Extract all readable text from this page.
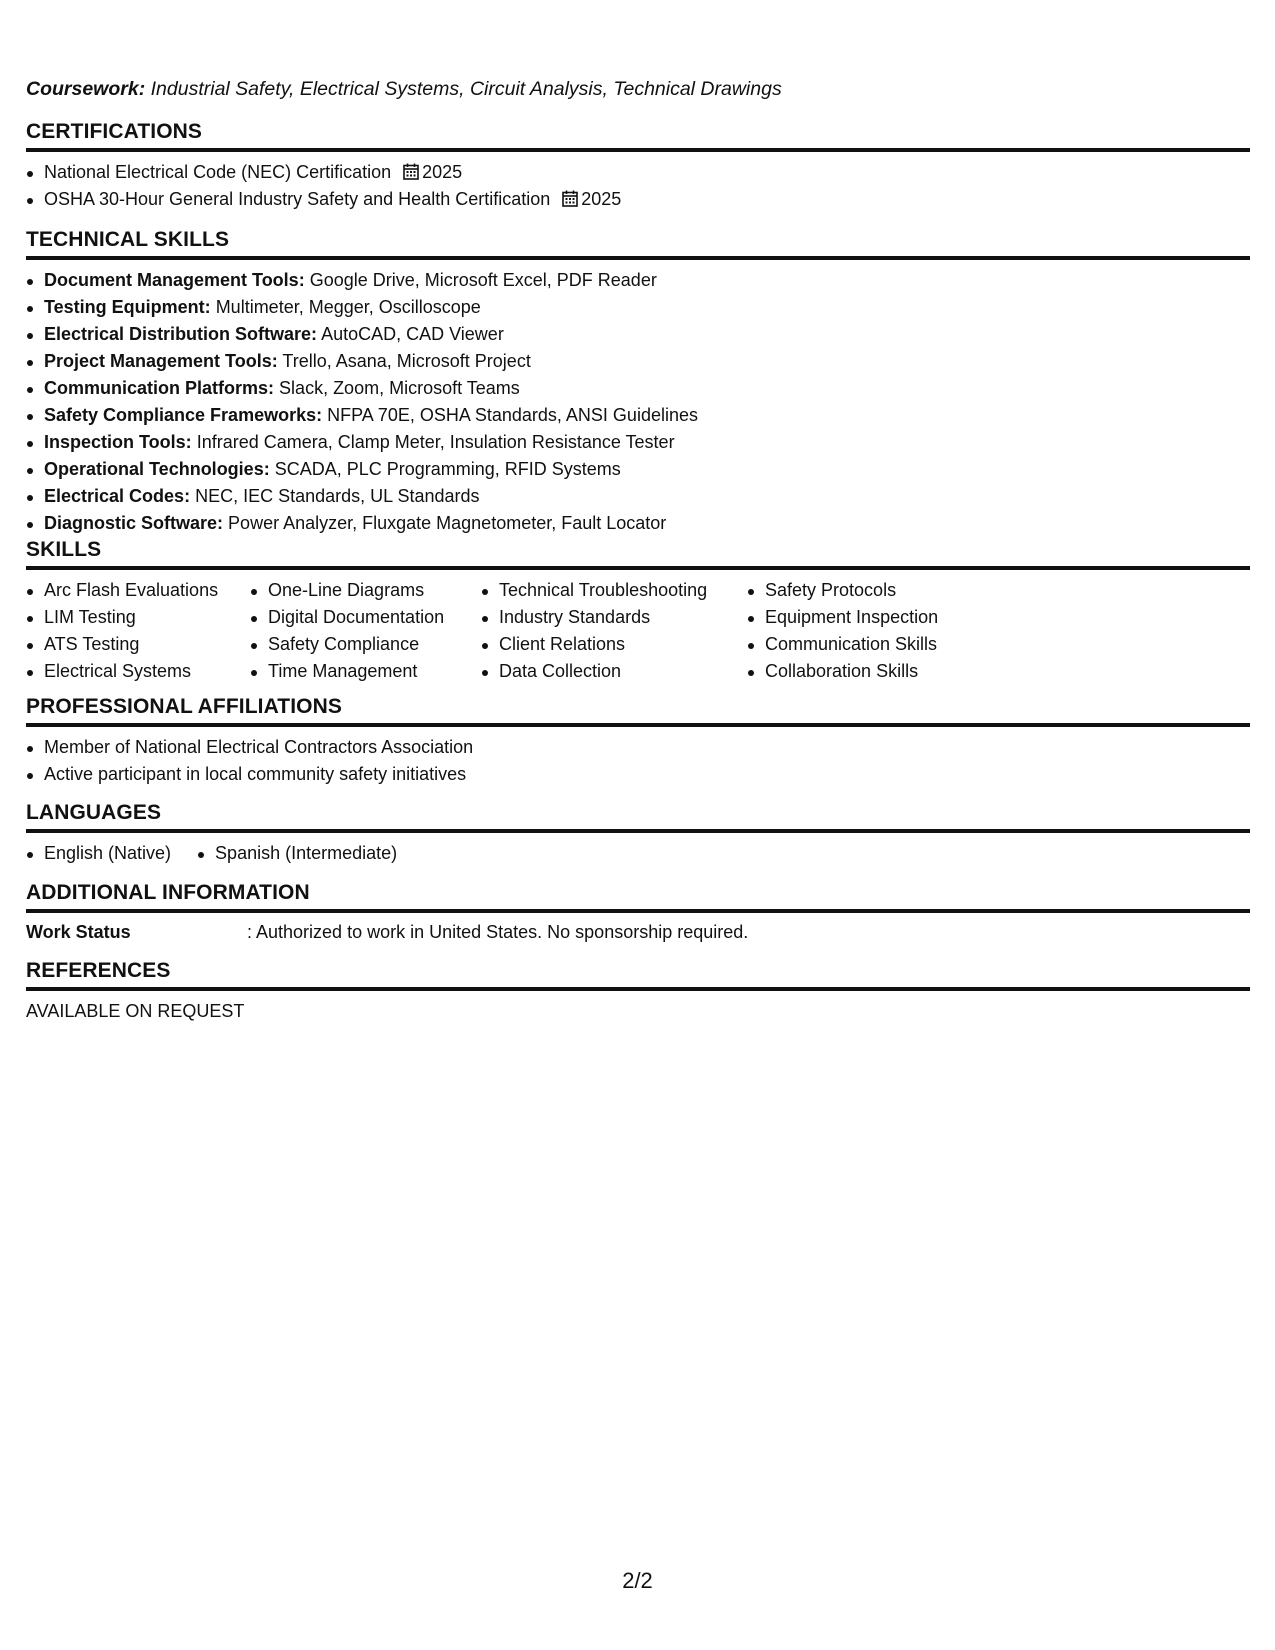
Coursework: Industrial Safety, Electrical Systems, Circuit Analysis, Technical Drawings
CERTIFICATIONS
National Electrical Code (NEC) Certification 2025
OSHA 30-Hour General Industry Safety and Health Certification 2025
TECHNICAL SKILLS
Document Management Tools: Google Drive, Microsoft Excel, PDF Reader
Testing Equipment: Multimeter, Megger, Oscilloscope
Electrical Distribution Software: AutoCAD, CAD Viewer
Project Management Tools: Trello, Asana, Microsoft Project
Communication Platforms: Slack, Zoom, Microsoft Teams
Safety Compliance Frameworks: NFPA 70E, OSHA Standards, ANSI Guidelines
Inspection Tools: Infrared Camera, Clamp Meter, Insulation Resistance Tester
Operational Technologies: SCADA, PLC Programming, RFID Systems
Electrical Codes: NEC, IEC Standards, UL Standards
Diagnostic Software: Power Analyzer, Fluxgate Magnetometer, Fault Locator
SKILLS
Arc Flash Evaluations
LIM Testing
ATS Testing
Electrical Systems
One-Line Diagrams
Digital Documentation
Safety Compliance
Time Management
Technical Troubleshooting
Industry Standards
Client Relations
Data Collection
Safety Protocols
Equipment Inspection
Communication Skills
Collaboration Skills
PROFESSIONAL AFFILIATIONS
Member of National Electrical Contractors Association
Active participant in local community safety initiatives
LANGUAGES
English (Native)	Spanish (Intermediate)
ADDITIONAL INFORMATION
Work Status	: Authorized to work in United States. No sponsorship required.
REFERENCES
AVAILABLE ON REQUEST
2/2
